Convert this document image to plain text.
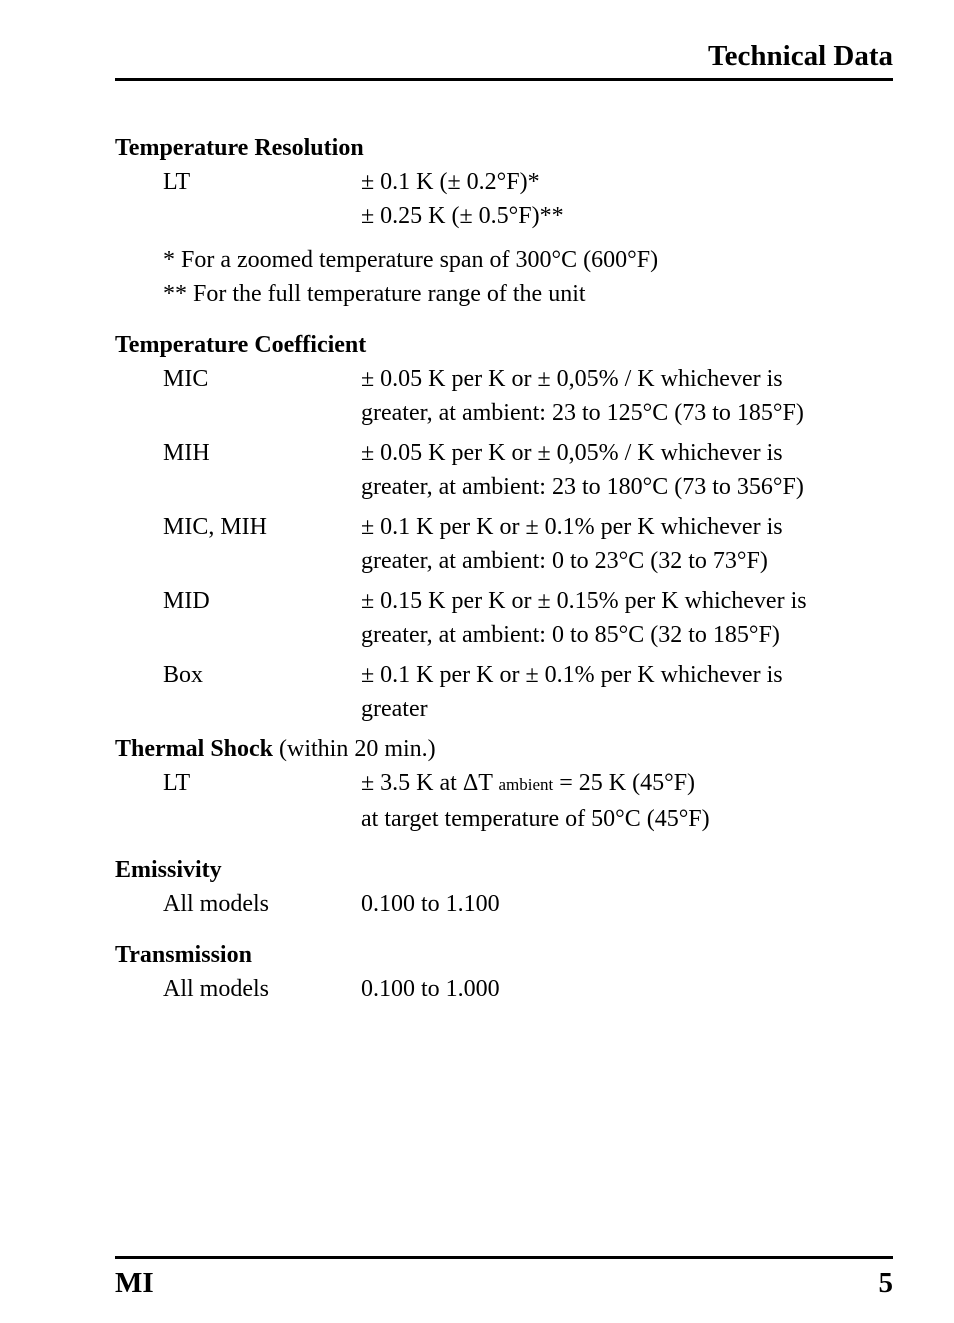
Technical Data
Temperature Resolution
LT	± 0.1 K (± 0.2°F)*
± 0.25 K (± 0.5°F)**
* For a zoomed temperature span of 300°C (600°F)
** For the full temperature range of the unit
Temperature Coefficient
MIC	± 0.05 K per K or ± 0,05% / K whichever is
greater, at ambient: 23 to 125°C (73 to 185°F)
MIH	± 0.05 K per K or ± 0,05% / K whichever is
greater, at ambient: 23 to 180°C (73 to 356°F)
MIC, MIH	± 0.1 K per K or ± 0.1% per K whichever is
greater, at ambient: 0 to 23°C (32 to 73°F)
MID	± 0.15 K per K or ± 0.15% per K whichever is
greater, at ambient: 0 to 85°C (32 to 185°F)
Box	± 0.1 K per K or ± 0.1% per K whichever is
greater
Thermal Shock (within 20 min.)
LT	± 3.5 K at ΔT ambient = 25 K (45°F)
at target temperature of 50°C (45°F)
Emissivity
All models	0.100 to 1.100
Transmission
All models	0.100 to 1.000
MI	5
